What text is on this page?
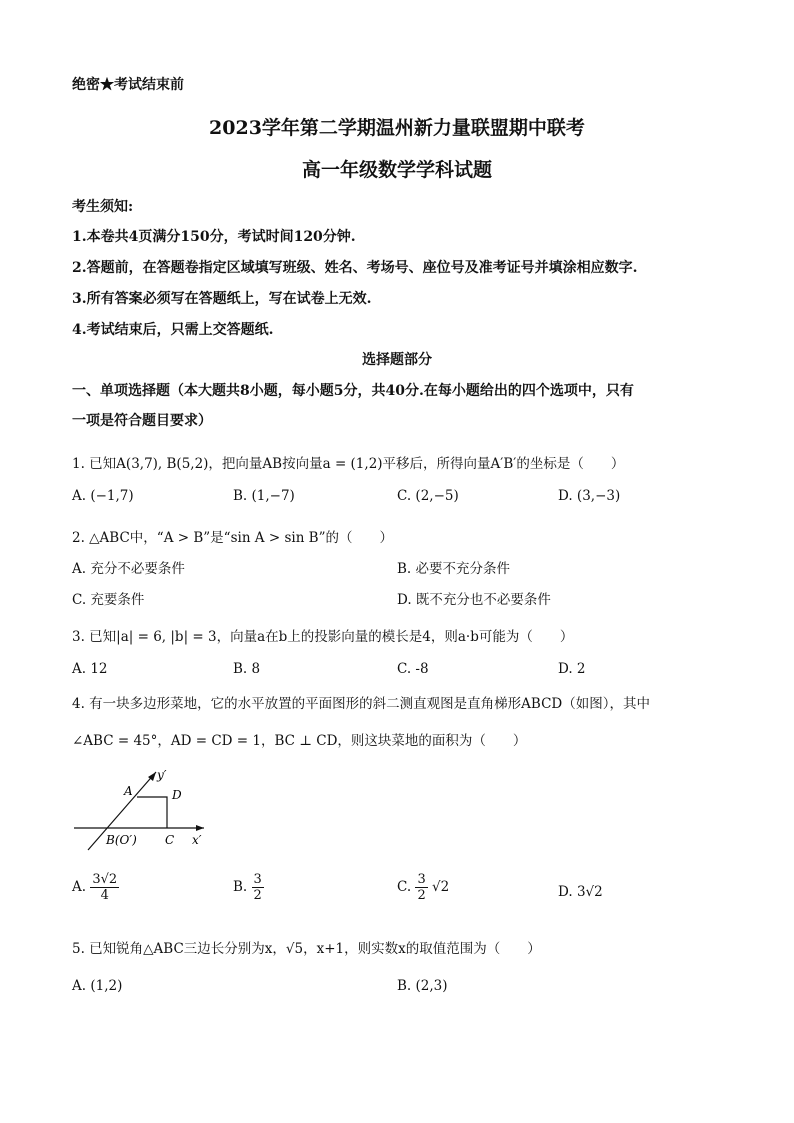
绝密★考试结束前
2023学年第二学期温州新力量联盟期中联考
高一年级数学学科试题
考生须知:
1.本卷共4页满分150分，考试时间120分钟.
2.答题前，在答题卷指定区域填写班级、姓名、考场号、座位号及准考证号并填涂相应数字.
3.所有答案必须写在答题纸上，写在试卷上无效.
4.考试结束后，只需上交答题纸.
选择题部分
一、单项选择题（本大题共8小题，每小题5分，共40分.在每小题给出的四个选项中，只有
一项是符合题目要求）
1. 已知A(3,7), B(5,2)，把向量AB按向量a = (1,2)平移后，所得向量A′B′的坐标是（　　）
A. (−1,7)	B. (1,−7)	C. (2,−5)	D. (3,−3)
2. △ABC中，“A > B”是“sin A > sin B”的（　　）
A. 充分不必要条件	B. 必要不充分条件
C. 充要条件	D. 既不充分也不必要条件
3. 已知|a| = 6, |b| = 3，向量a在b上的投影向量的模长是4，则a·b可能为（　　）
A. 12	B. 8	C. -8	D. 2
4. 有一块多边形菜地，它的水平放置的平面图形的斜二测直观图是直角梯形ABCD（如图），其中
∠ABC = 45°，AD = CD = 1，BC ⊥ CD，则这块菜地的面积为（　　）
y′
x′
A	D
B(O′) C
A. $\frac{3√2}{4}$	B. $\frac{3}{2}$	C. $\frac{3}{2} √2$	D. 3√2
5. 已知锐角△ABC三边长分别为x，√5，x+1，则实数x的取值范围为（　　）
A. (1,2)	B. (2,3)
